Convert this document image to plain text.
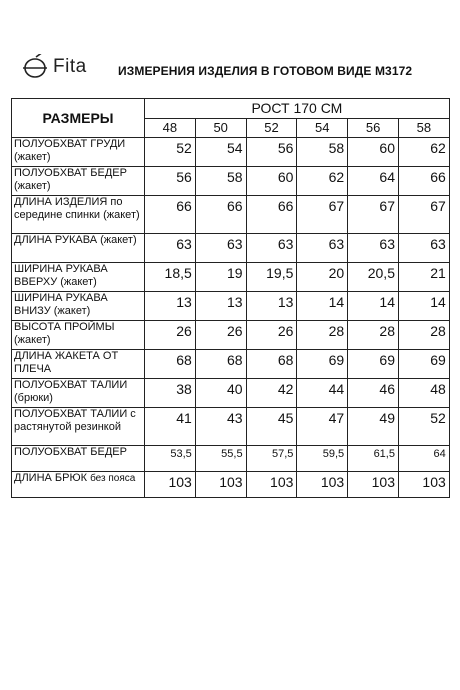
Fita	ИЗМЕРЕНИЯ ИЗДЕЛИЯ В ГОТОВОМ ВИДЕ М3172
РАЗМЕРЫ	РОСТ 170 СМ					
	48	50	52	54	56	58
ПОЛУОБХВАТ ГРУДИ (жакет)	52	54	56	58	60	62
ПОЛУОБХВАТ БЕДЕР (жакет)	56	58	60	62	64	66
ДЛИНА ИЗДЕЛИЯ по середине спинки (жакет)	66	66	66	67	67	67
ДЛИНА РУКАВА (жакет)	63	63	63	63	63	63
ШИРИНА РУКАВА ВВЕРХУ (жакет)	18,5	19	19,5	20	20,5	21
ШИРИНА РУКАВА ВНИЗУ (жакет)	13	13	13	14	14	14
ВЫСОТА ПРОЙМЫ (жакет)	26	26	26	28	28	28
ДЛИНА ЖАКЕТА ОТ ПЛЕЧА	68	68	68	69	69	69
ПОЛУОБХВАТ ТАЛИИ (брюки)	38	40	42	44	46	48
ПОЛУОБХВАТ ТАЛИИ с растянутой резинкой	41	43	45	47	49	52
ПОЛУОБХВАТ БЕДЕР	53,5	55,5	57,5	59,5	61,5	64
ДЛИНА БРЮК без пояса	103	103	103	103	103	103
